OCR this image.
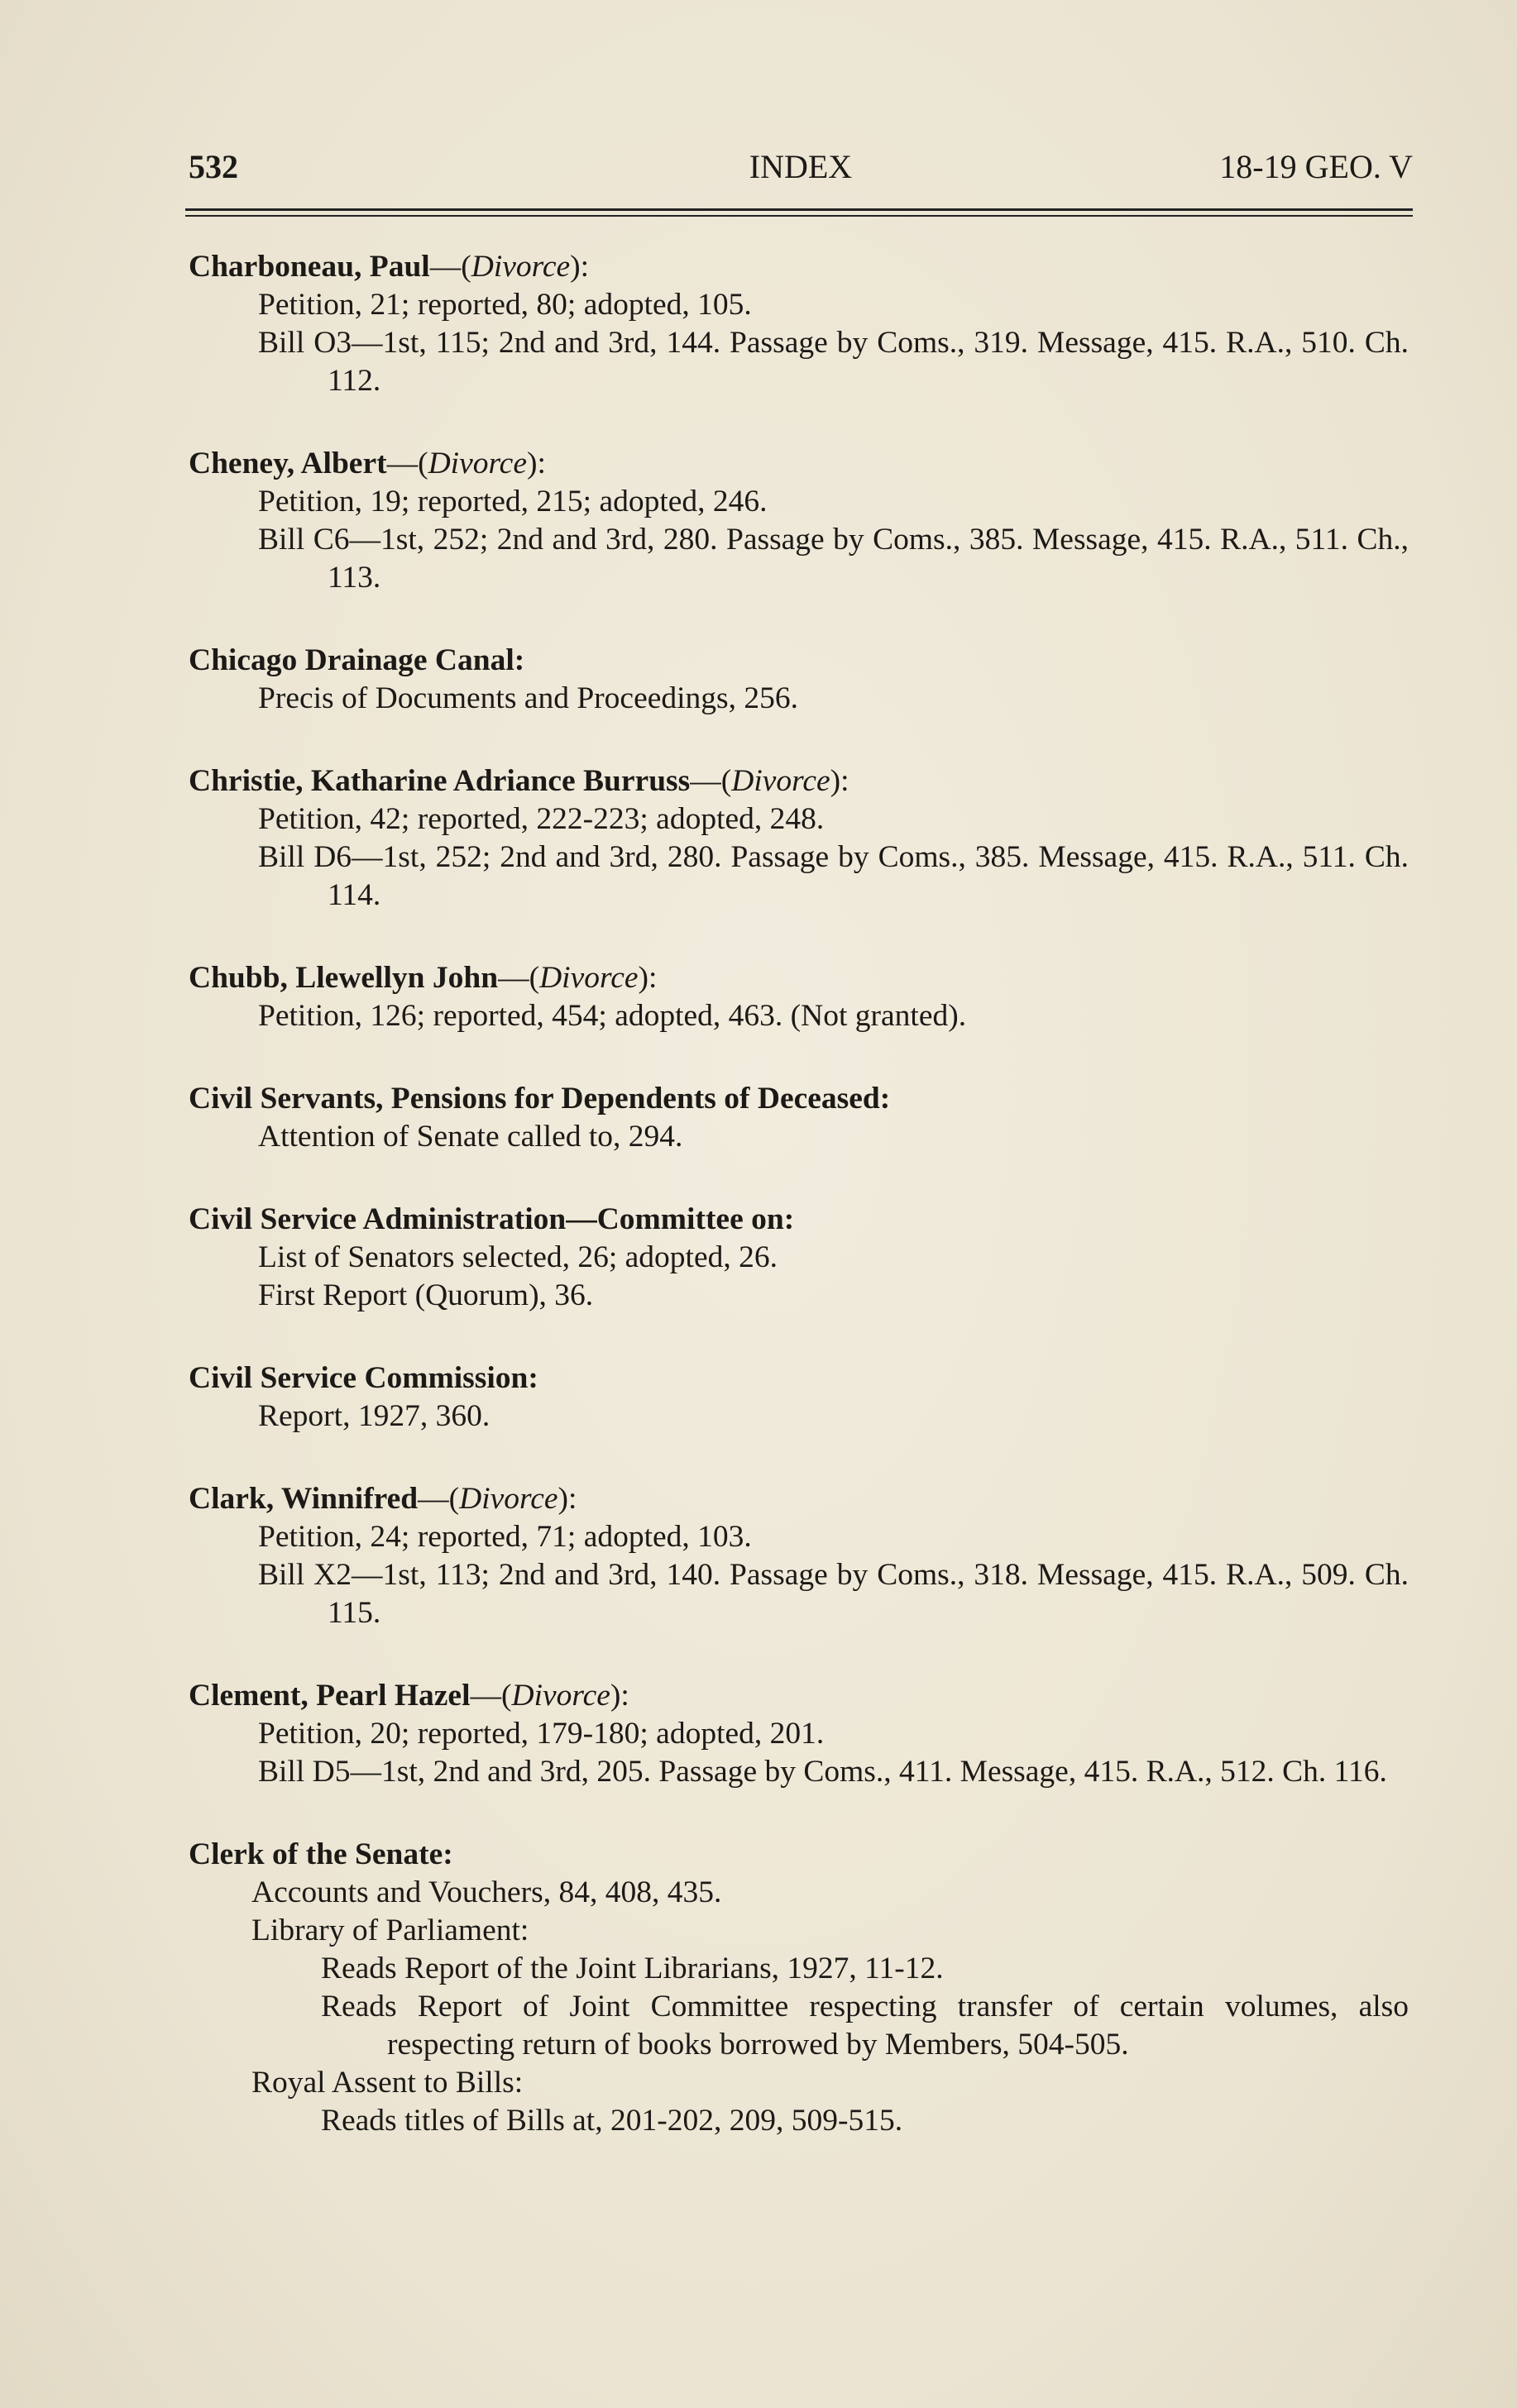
532	INDEX	18-19 GEO. V
Charboneau, Paul—(Divorce):
Petition, 21; reported, 80; adopted, 105.
Bill O3—1st, 115; 2nd and 3rd, 144. Passage by Coms., 319. Message, 415. R.A., 510. Ch. 112.
Cheney, Albert—(Divorce):
Petition, 19; reported, 215; adopted, 246.
Bill C6—1st, 252; 2nd and 3rd, 280. Passage by Coms., 385. Message, 415. R.A., 511. Ch., 113.
Chicago Drainage Canal:
Precis of Documents and Proceedings, 256.
Christie, Katharine Adriance Burruss—(Divorce):
Petition, 42; reported, 222-223; adopted, 248.
Bill D6—1st, 252; 2nd and 3rd, 280. Passage by Coms., 385. Message, 415. R.A., 511. Ch. 114.
Chubb, Llewellyn John—(Divorce):
Petition, 126; reported, 454; adopted, 463. (Not granted).
Civil Servants, Pensions for Dependents of Deceased:
Attention of Senate called to, 294.
Civil Service Administration—Committee on:
List of Senators selected, 26; adopted, 26.
First Report (Quorum), 36.
Civil Service Commission:
Report, 1927, 360.
Clark, Winnifred—(Divorce):
Petition, 24; reported, 71; adopted, 103.
Bill X2—1st, 113; 2nd and 3rd, 140. Passage by Coms., 318. Message, 415. R.A., 509. Ch. 115.
Clement, Pearl Hazel—(Divorce):
Petition, 20; reported, 179-180; adopted, 201.
Bill D5—1st, 2nd and 3rd, 205. Passage by Coms., 411. Message, 415. R.A., 512. Ch. 116.
Clerk of the Senate:
Accounts and Vouchers, 84, 408, 435.
Library of Parliament:
Reads Report of the Joint Librarians, 1927, 11-12.
Reads Report of Joint Committee respecting transfer of certain volumes, also respecting return of books borrowed by Members, 504-505.
Royal Assent to Bills:
Reads titles of Bills at, 201-202, 209, 509-515.
